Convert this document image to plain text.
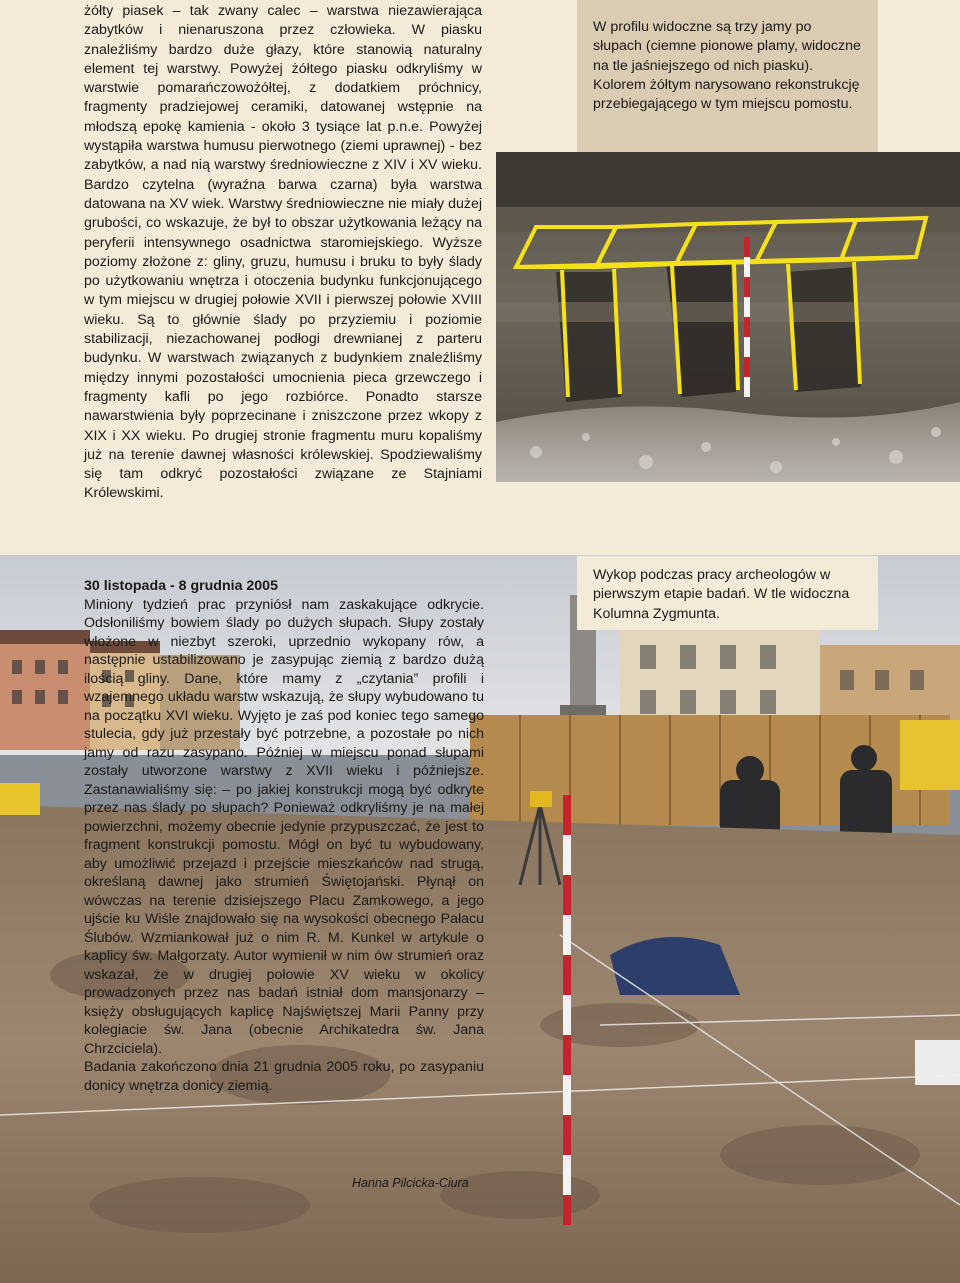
żółty piasek – tak zwany calec – warstwa niezawierająca zabytków i nienaruszona przez człowieka. W piasku znaleźliśmy bardzo duże głazy, które stanowią naturalny element tej warstwy. Powyżej żółtego piasku odkryliśmy w warstwie pomarańczowożółtej, z dodatkiem próchnicy, fragmenty pradziejowej ceramiki, datowanej wstępnie na młodszą epokę kamienia - około 3 tysiące lat p.n.e. Powyżej wystąpiła warstwa humusu pierwotnego (ziemi uprawnej) - bez zabytków, a nad nią warstwy średniowieczne z XIV i XV wieku. Bardzo czytelna (wyraźna barwa czarna) była warstwa datowana na XV wiek. Warstwy średniowieczne nie miały dużej grubości, co wskazuje, że był to obszar użytkowania leżący na peryferii intensywnego osadnictwa staromiejskiego. Wyższe poziomy złożone z: gliny, gruzu, humusu i bruku to były ślady po użytkowaniu wnętrza i otoczenia budynku funkcjonującego w tym miejscu w drugiej połowie XVII i pierwszej połowie XVIII wieku. Są to głównie ślady po przyziemiu i poziomie stabilizacji, niezachowanej podłogi drewnianej z parteru budynku. W warstwach związanych z budynkiem znaleźliśmy między innymi pozostałości umocnienia pieca grzewczego i fragmenty kafli po jego rozbiórce. Ponadto starsze nawarstwienia były poprzecinane i zniszczone przez wkopy z XIX i XX wieku. Po drugiej stronie fragmentu muru kopaliśmy już na terenie dawnej własności królewskiej. Spodziewaliśmy się tam odkryć pozostałości związane ze Stajniami Królewskimi.

W profilu widoczne są trzy jamy po słupach (ciemne pionowe plamy, widoczne na tle jaśniejszego od nich piasku). Kolorem żółtym narysowano rekonstrukcję przebiegającego w tym miejscu pomostu.

Wykop podczas pracy archeologów w pierwszym etapie badań. W tle widoczna Kolumna Zygmunta.

30 listopada - 8 grudnia 2005

Miniony tydzień prac przyniósł nam zaskakujące odkrycie. Odsłoniliśmy bowiem ślady po dużych słupach. Słupy zostały włożone w niezbyt szeroki, uprzednio wykopany rów, a następnie ustabilizowano je zasypując ziemią z bardzo dużą ilością gliny. Dane, które mamy z „czytania” profili i wzajemnego układu warstw wskazują, że słupy wybudowano tu na początku XVI wieku. Wyjęto je zaś pod koniec tego samego stulecia, gdy już przestały być potrzebne, a pozostałe po nich jamy od razu zasypano. Później w miejscu ponad słupami zostały utworzone warstwy z XVII wieku i późniejsze. Zastanawialiśmy się: – po jakiej konstrukcji mogą być odkryte przez nas ślady po słupach? Ponieważ odkryliśmy je na małej powierzchni, możemy obecnie jedynie przypuszczać, że jest to fragment konstrukcji pomostu. Mógł on być tu wybudowany, aby umożliwić przejazd i przejście mieszkańców nad strugą, określaną dawnej jako strumień Świętojański. Płynął on wówczas na terenie dzisiejszego Placu Zamkowego, a jego ujście ku Wiśle znajdowało się na wysokości obecnego Pałacu Ślubów. Wzmiankował już o nim R. M. Kunkel w artykule o kaplicy św. Małgorzaty. Autor wymienił w nim ów strumień oraz wskazał, że w drugiej połowie XV wieku w okolicy prowadzonych przez nas badań istniał dom mansjonarzy – księży obsługujących kaplicę Najświętszej Marii Panny przy kolegiacie św. Jana (obecnie Archikatedra św. Jana Chrzciciela).

Badania zakończono dnia 21 grudnia 2005 roku, po zasypaniu donicy wnętrza donicy ziemią.

Hanna Pilcicka-Ciura
